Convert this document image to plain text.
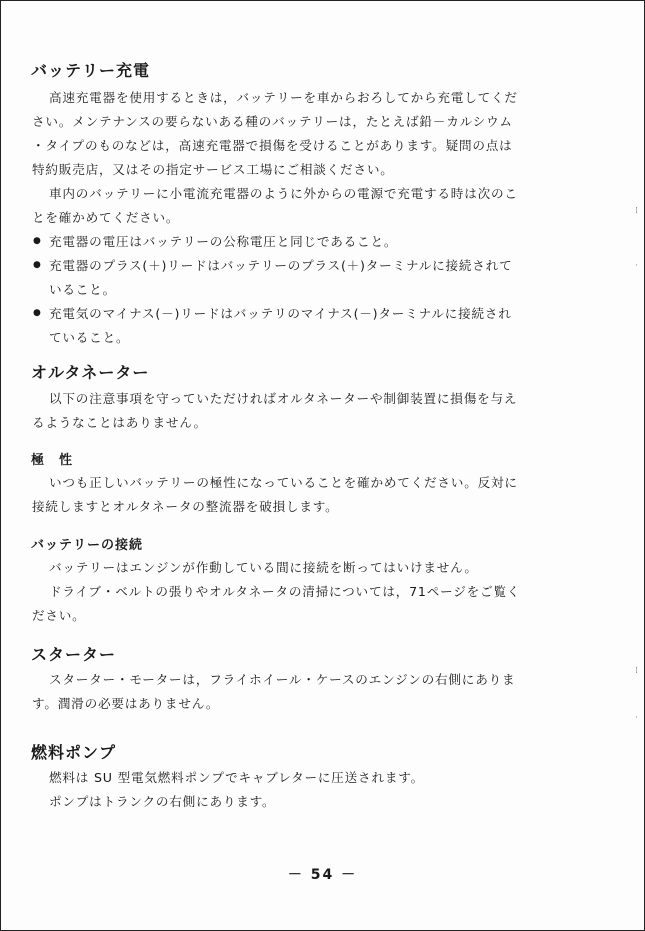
バッテリー充電
高速充電器を使用するときは，バッテリーを車からおろしてから充電してくだ
さい。メンテナンスの要らないある種のバッテリーは，たとえば鉛－カルシウム
・タイプのものなどは，高速充電器で損傷を受けることがあります。疑問の点は
特約販売店，又はその指定サービス工場にご相談ください。
車内のバッテリーに小電流充電器のように外からの電源で充電する時は次のこ
とを確かめてください。
● 充電器の電圧はバッテリーの公称電圧と同じであること。
● 充電器のプラス(＋)リードはバッテリーのプラス(＋)ターミナルに接続されて
いること。
● 充電気のマイナス(－)リードはバッテリのマイナス(－)ターミナルに接続され
ていること。
オルタネーター
以下の注意事項を守っていただければオルタネーターや制御装置に損傷を与え
るようなことはありません。
極　性
いつも正しいバッテリーの極性になっていることを確かめてください。反対に
接続しますとオルタネータの整流器を破損します。
バッテリーの接続
バッテリーはエンジンが作動している間に接続を断ってはいけません。
ドライブ・ベルトの張りやオルタネータの清掃については，71ページをご覧く
ださい。
スターター
スターター・モーターは，フライホイール・ケースのエンジンの右側にありま
す。潤滑の必要はありません。
燃料ポンプ
燃料は SU 型電気燃料ポンプでキャブレターに圧送されます。
ポンプはトランクの右側にあります。
－ 54 －
⁞
·
⁞
·
